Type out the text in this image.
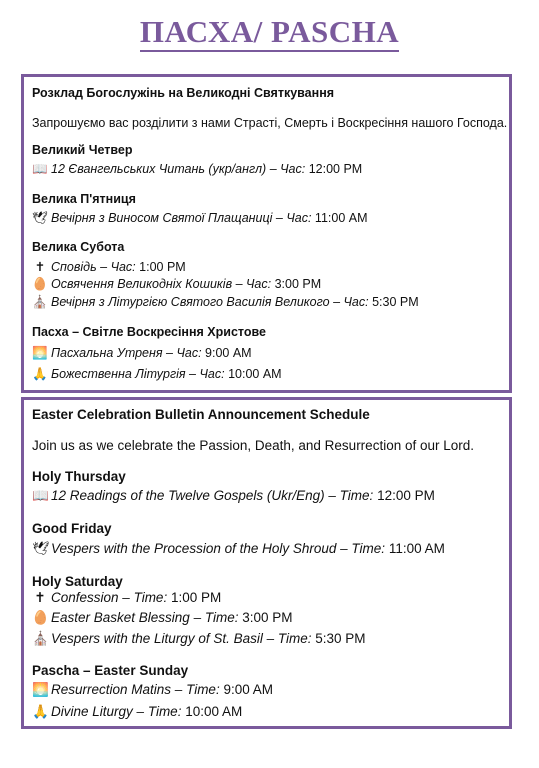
ПАСХА/ PASCHA
Розклад Богослужінь на Великодні Святкування
Запрошуємо вас розділити з нами Страсті, Смерть і Воскресіння нашого Господа.
Великий Четвер
📖 12 Євангельських Читань (укр/англ) – Час: 12:00 PM
Велика П'ятниця
🕊 Вечірня з Виносом Святої Плащаниці – Час: 11:00 AM
Велика Субота
✝ Сповідь – Час: 1:00 PM
🥚 Освячення Великодніх Кошиків – Час: 3:00 PM
⛪ Вечірня з Літургією Святого Василія Великого – Час: 5:30 PM
Пасха – Світле Воскресіння Христове
🌅 Пасхальна Утреня – Час: 9:00 AM
🙏 Божественна Літургія – Час: 10:00 AM
Easter Celebration Bulletin Announcement Schedule
Join us as we celebrate the Passion, Death, and Resurrection of our Lord.
Holy Thursday
📖 12 Readings of the Twelve Gospels (Ukr/Eng) – Time: 12:00 PM
Good Friday
🕊 Vespers with the Procession of the Holy Shroud – Time: 11:00 AM
Holy Saturday
✝ Confession – Time: 1:00 PM
🥚 Easter Basket Blessing – Time: 3:00 PM
⛪ Vespers with the Liturgy of St. Basil – Time: 5:30 PM
Pascha – Easter Sunday
🌅 Resurrection Matins – Time: 9:00 AM
🙏 Divine Liturgy – Time: 10:00 AM
